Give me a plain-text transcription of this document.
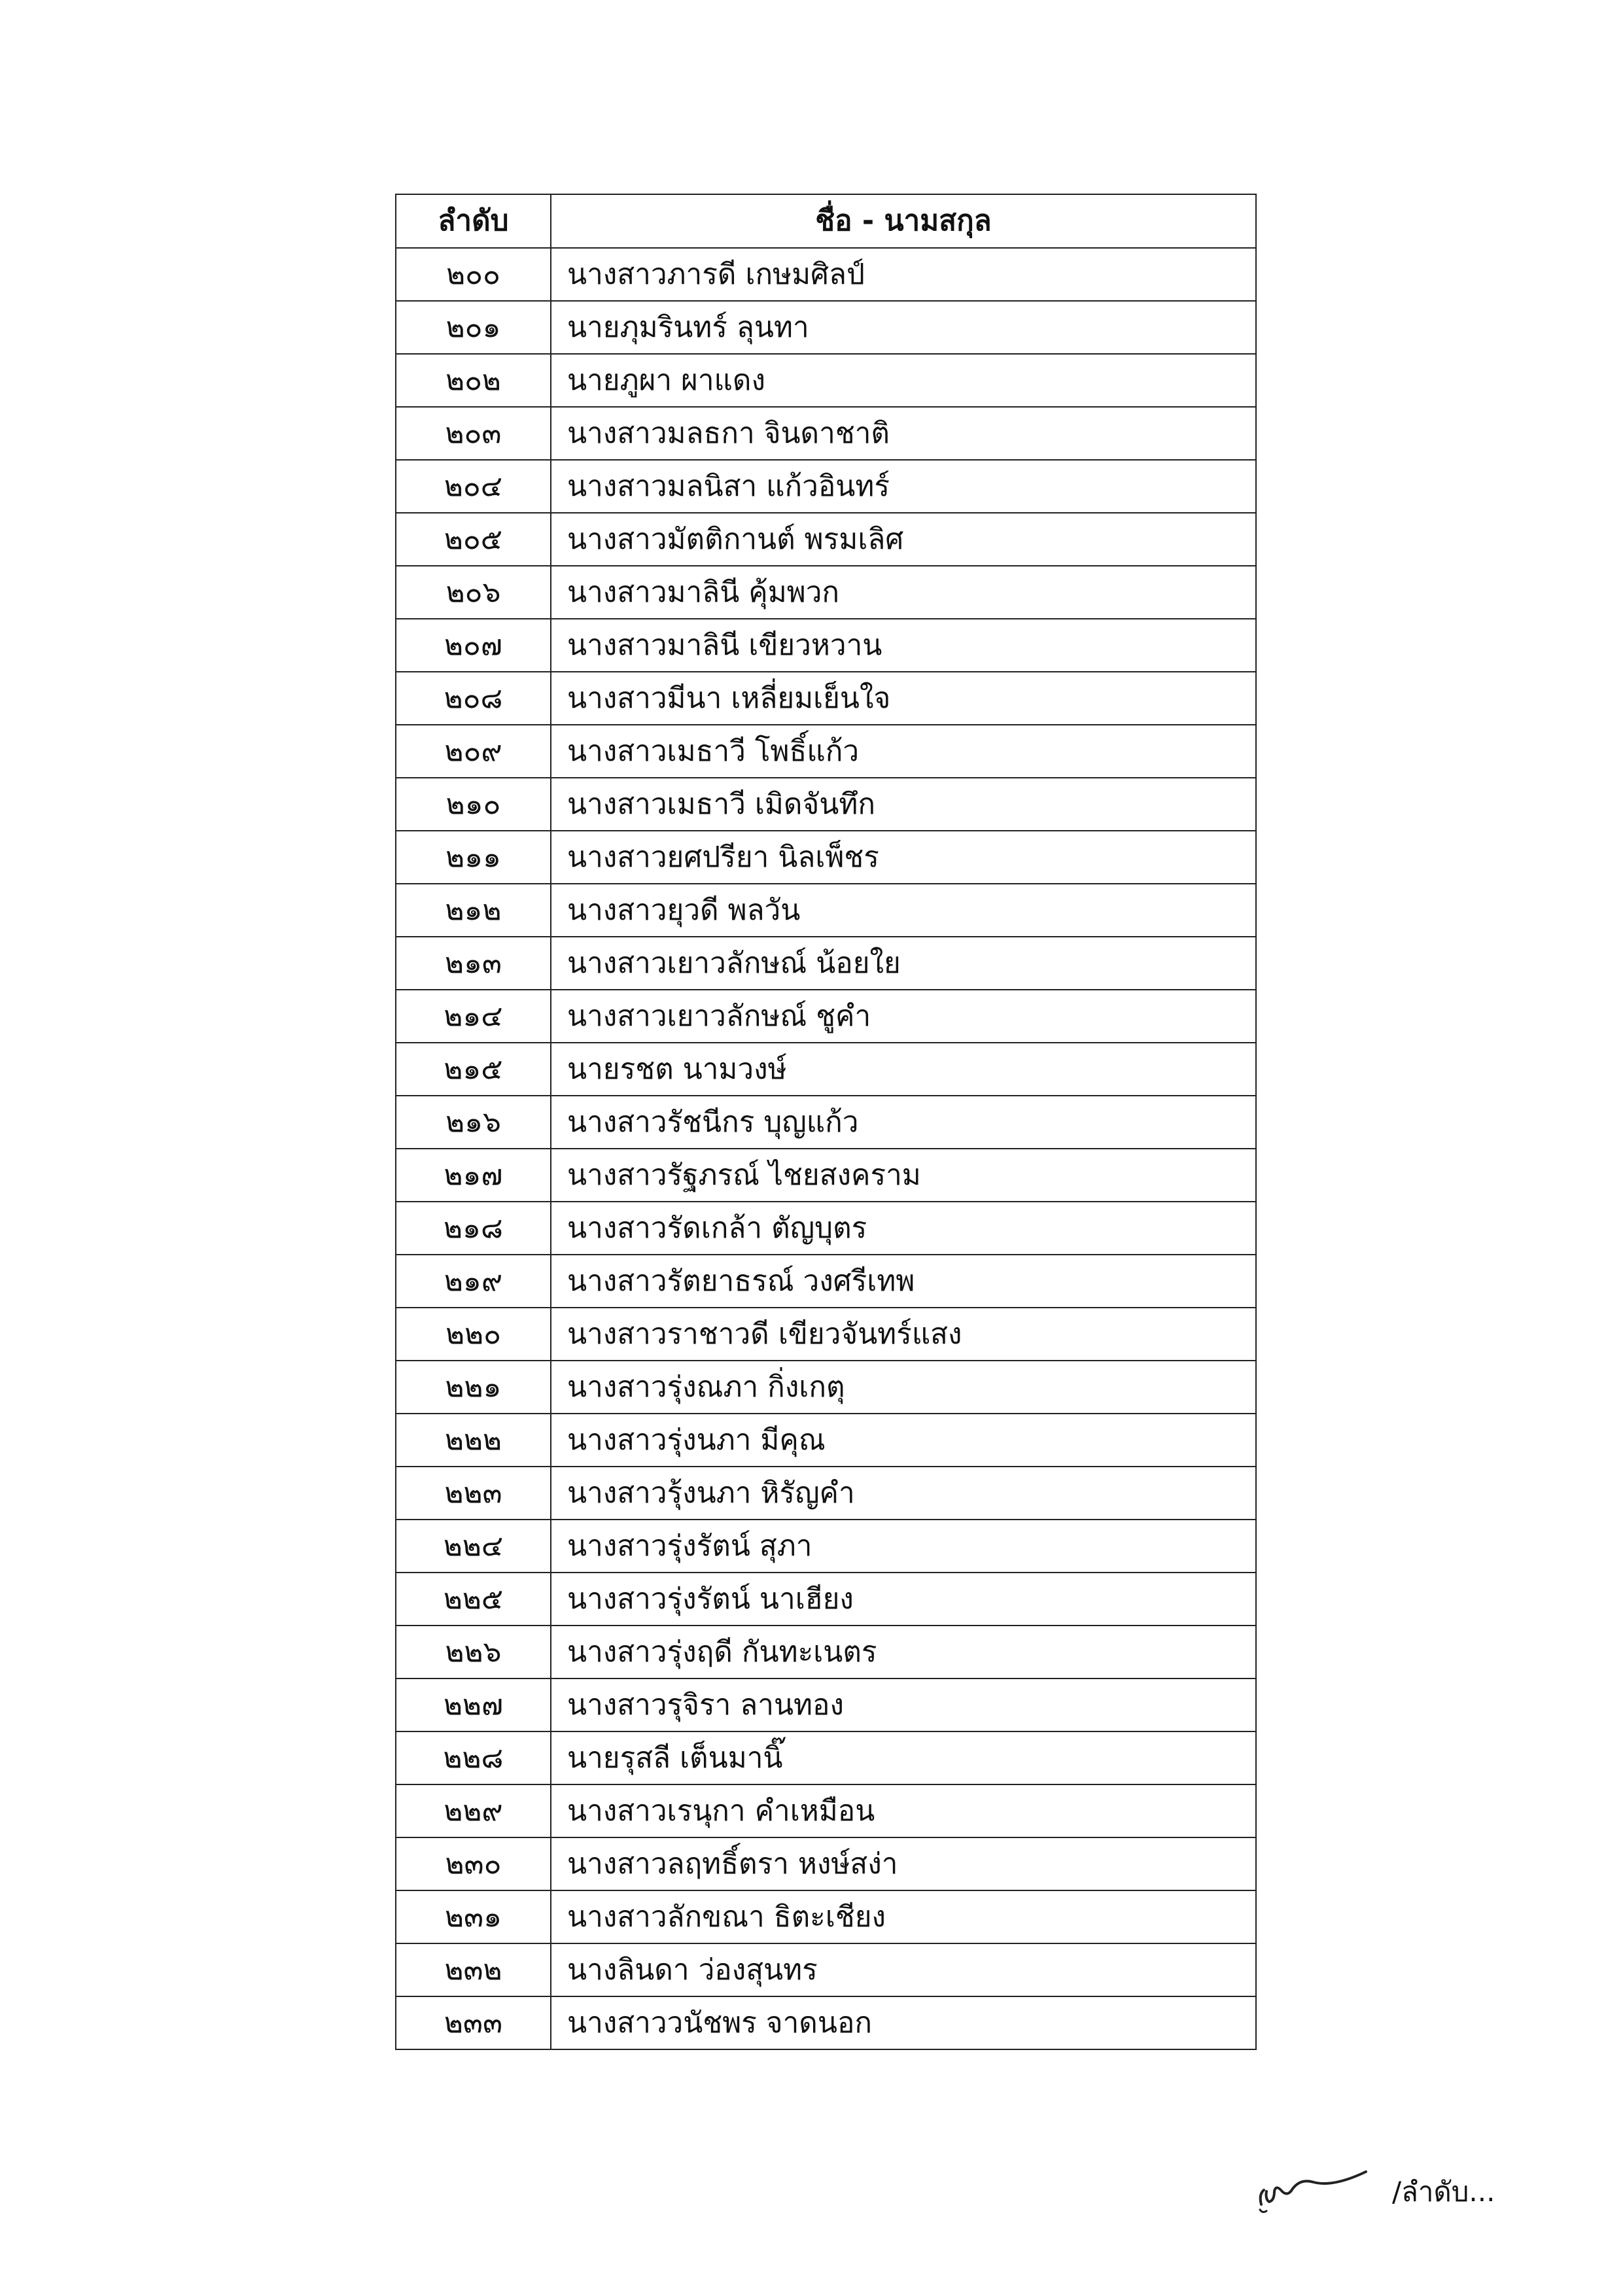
ลำดับ	ชื่อ - นามสกุล
๒๐๐	นางสาวภารดี เกษมศิลป์
๒๐๑	นายภุมรินทร์ ลุนทา
๒๐๒	นายภูผา ผาแดง
๒๐๓	นางสาวมลธกา จินดาชาติ
๒๐๔	นางสาวมลนิสา แก้วอินทร์
๒๐๕	นางสาวมัตติกานต์ พรมเลิศ
๒๐๖	นางสาวมาลินี คุ้มพวก
๒๐๗	นางสาวมาลินี เขียวหวาน
๒๐๘	นางสาวมีนา เหลี่ยมเย็นใจ
๒๐๙	นางสาวเมธาวี โพธิ์แก้ว
๒๑๐	นางสาวเมธาวี เมิดจันทึก
๒๑๑	นางสาวยศปรียา นิลเพ็ชร
๒๑๒	นางสาวยุวดี พลวัน
๒๑๓	นางสาวเยาวลักษณ์ น้อยใย
๒๑๔	นางสาวเยาวลักษณ์ ชูคำ
๒๑๕	นายรชต นามวงษ์
๒๑๖	นางสาวรัชนีกร บุญแก้ว
๒๑๗	นางสาวรัฐภรณ์ ไชยสงคราม
๒๑๘	นางสาวรัดเกล้า ตัญบุตร
๒๑๙	นางสาวรัตยาธรณ์ วงศรีเทพ
๒๒๐	นางสาวราชาวดี เขียวจันทร์แสง
๒๒๑	นางสาวรุ่งณภา กิ่งเกตุ
๒๒๒	นางสาวรุ่งนภา มีคุณ
๒๒๓	นางสาวรุ้งนภา หิรัญคำ
๒๒๔	นางสาวรุ่งรัตน์ สุภา
๒๒๕	นางสาวรุ่งรัตน์ นาเฮียง
๒๒๖	นางสาวรุ่งฤดี กันทะเนตร
๒๒๗	นางสาวรุจิรา ลานทอง
๒๒๘	นายรุสลี เต็นมานิ๊
๒๒๙	นางสาวเรนุกา คำเหมือน
๒๓๐	นางสาวลฤทธิ์ตรา หงษ์สง่า
๒๓๑	นางสาวลักขณา ธิตะเชียง
๒๓๒	นางลินดา ว่องสุนทร
๒๓๓	นางสาววนัชพร จาดนอก
/ลำดับ...
